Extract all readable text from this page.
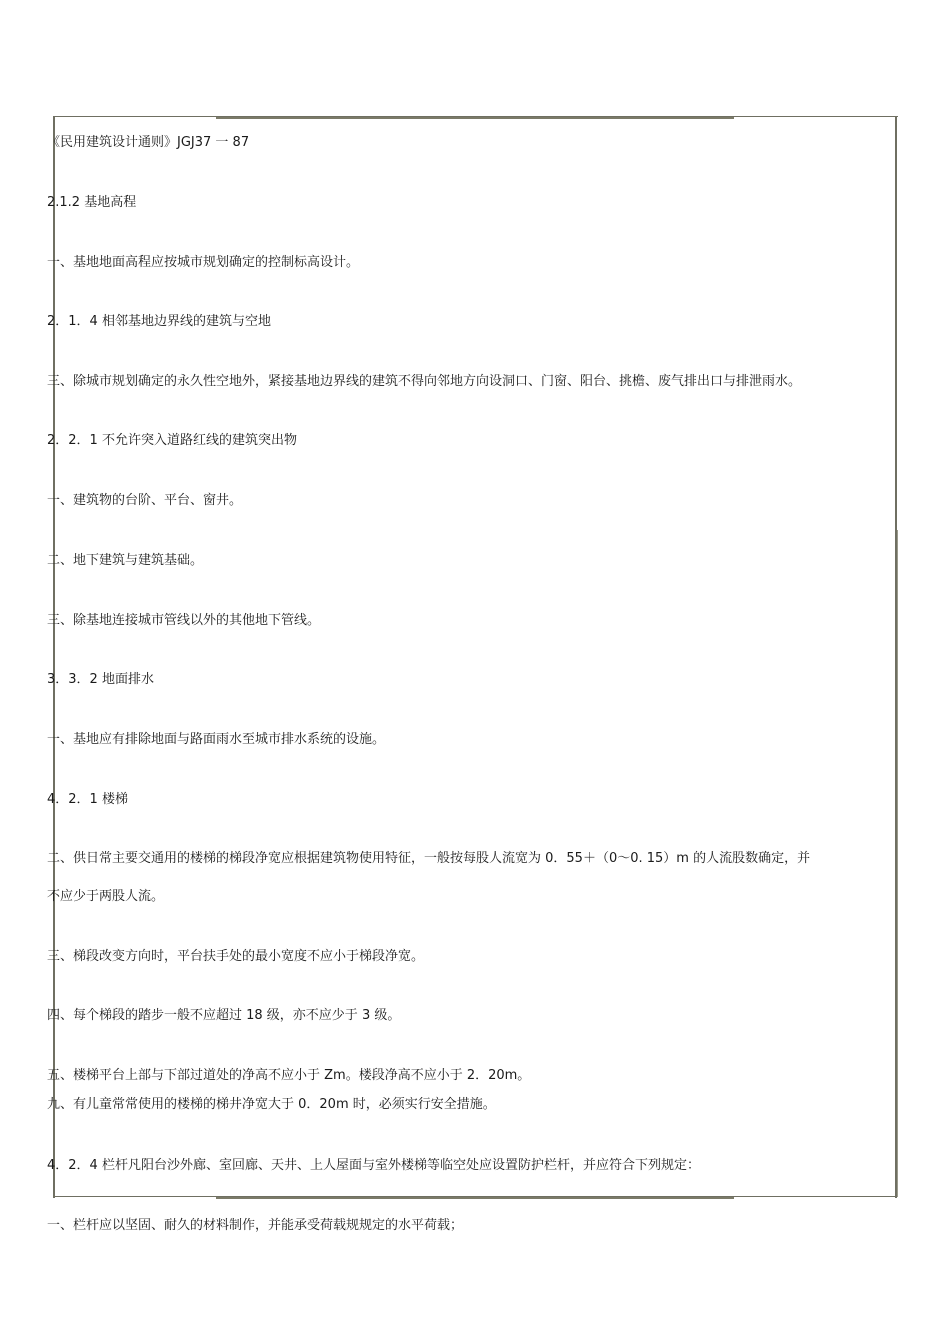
《民用建筑设计通则》JGJ37 一 87

2.1.2 基地高程

一、基地地面高程应按城市规划确定的控制标高设计。

2．1．4 相邻基地边界线的建筑与空地

三、除城市规划确定的永久性空地外，紧接基地边界线的建筑不得向邻地方向设洞口、门窗、阳台、挑檐、废气排出口与排泄雨水。

2．2．1 不允许突入道路红线的建筑突出物

一、建筑物的台阶、平台、窗井。

二、地下建筑与建筑基础。

三、除基地连接城市管线以外的其他地下管线。

3．3．2 地面排水

一、基地应有排除地面与路面雨水至城市排水系统的设施。

4．2．1 楼梯

二、供日常主要交通用的楼梯的梯段净宽应根据建筑物使用特征，一般按每股人流宽为 0．55＋（0～0. 15）m 的人流股数确定，并

不应少于两股人流。

三、梯段改变方向时，平台扶手处的最小宽度不应小于梯段净宽。

四、每个梯段的踏步一般不应超过 18 级，亦不应少于 3 级。

五、楼梯平台上部与下部过道处的净高不应小于 Zm。楼段净高不应小于 2．20m。

九、有儿童常常使用的楼梯的梯井净宽大于 0．20m 时，必须实行安全措施。

4．2．4 栏杆凡阳台沙外廊、室回廊、天井、上人屋面与室外楼梯等临空处应设置防护栏杆，并应符合下列规定：

一、栏杆应以坚固、耐久的材料制作，并能承受荷载规规定的水平荷载；
